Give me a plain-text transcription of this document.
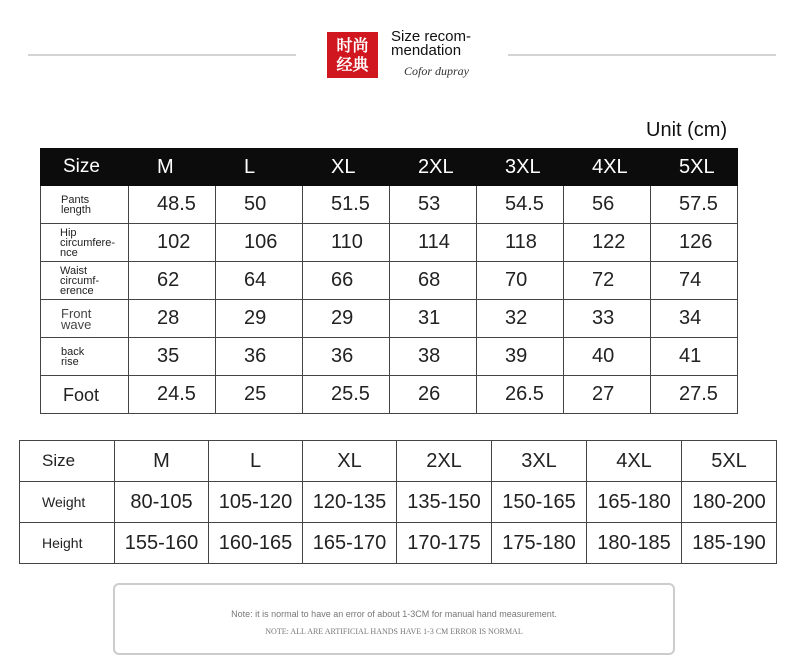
时尚
经典
Size recom-
mendation
Cofor dupray
Unit (cm)
Size	M	L	XL	2XL	3XL	4XL	5XL

Pants
length	48.5	50	51.5	53	54.5	56	57.5

Hip circumfere-
nce	102	106	110	114	118	122	126

Waist circumf-
erence	62	64	66	68	70	72	74

Front
wave	28	29	29	31	32	33	34

back
rise	35	36	36	38	39	40	41

Foot	24.5	25	25.5	26	26.5	27	27.5
Size	M	L	XL	2XL	3XL	4XL	5XL
Weight	80-105	105-120	120-135	135-150	150-165	165-180	180-200
Height	155-160	160-165	165-170	170-175	175-180	180-185	185-190
Note: it is normal to have an error of about 1-3CM for manual hand measurement.
NOTE: ALL ARE ARTIFICIAL HANDS HAVE 1-3 CM ERROR IS NORMAL
